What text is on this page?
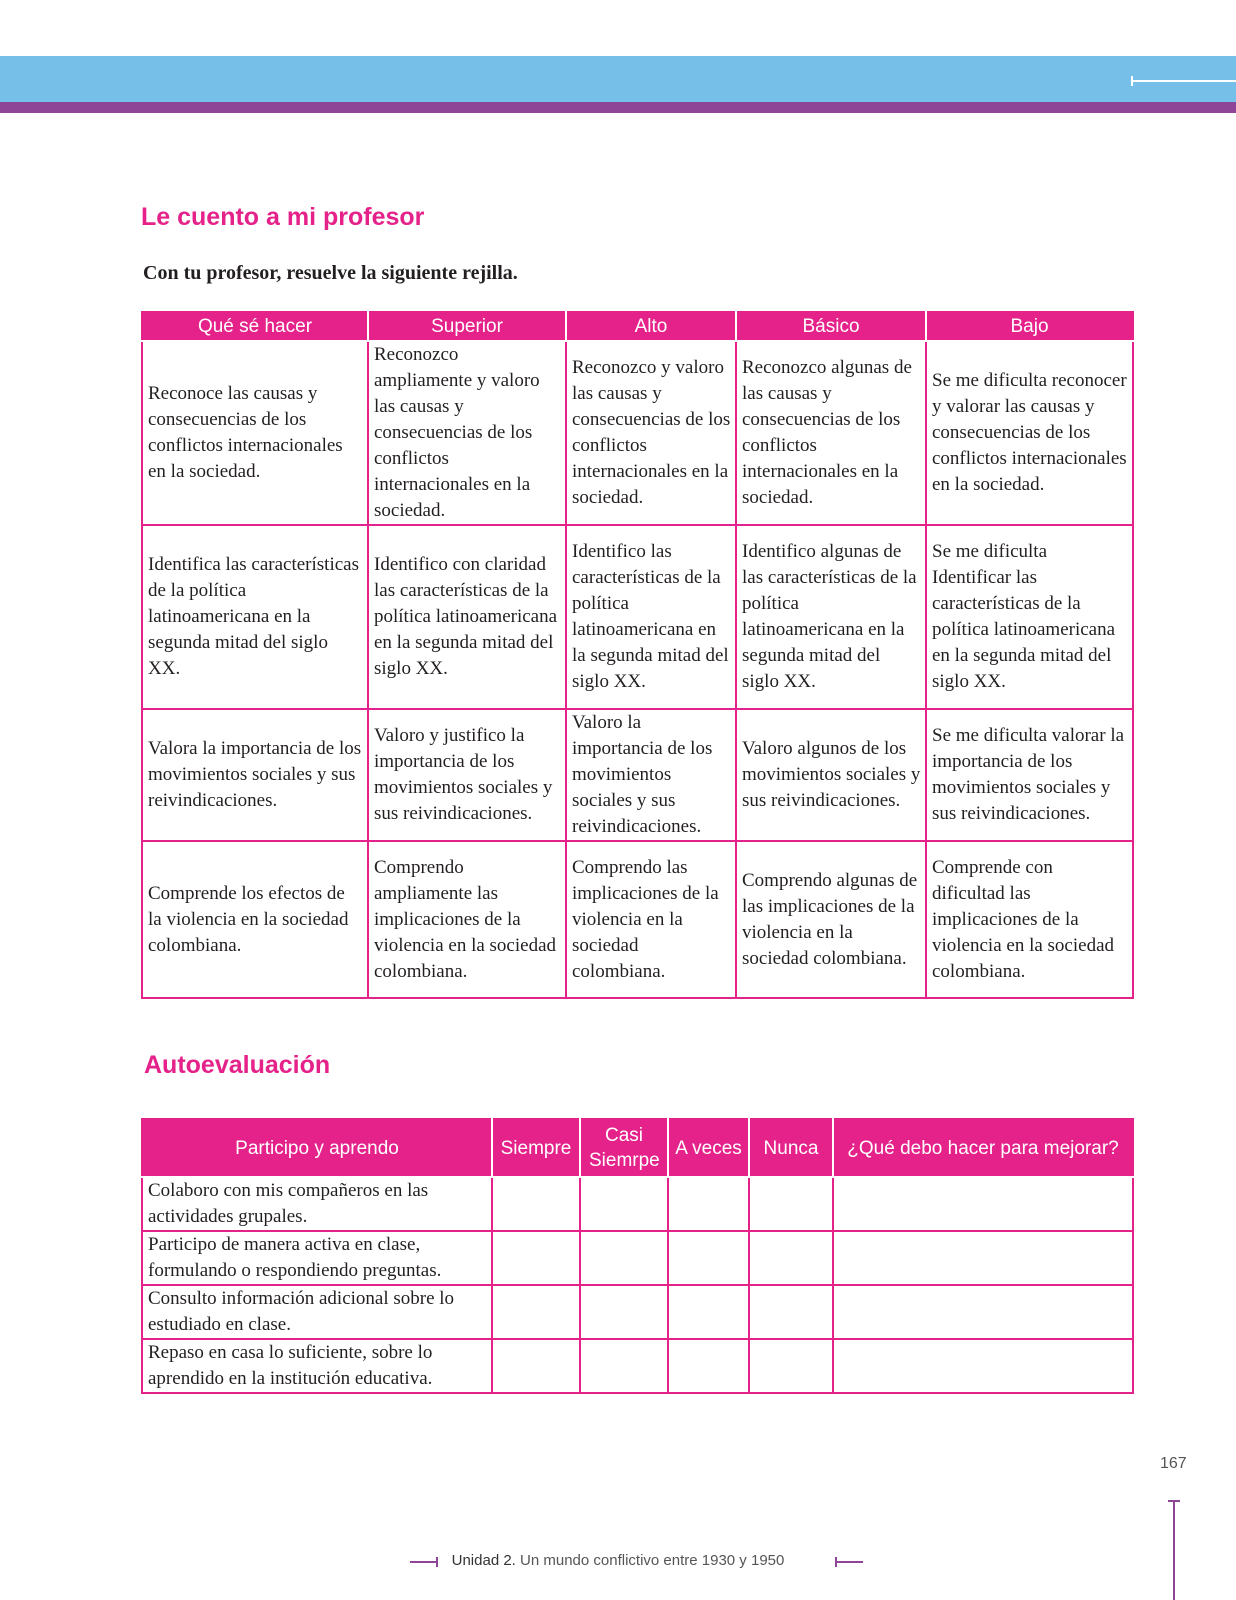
Le cuento a mi profesor

Con tu profesor, resuelve la siguiente rejilla.

Qué sé hacer	Superior	Alto	Básico	Bajo
Reconoce las causas y consecuencias de los conflictos internacionales en la sociedad.	Reconozco ampliamente y valoro las causas y consecuencias de los conflictos internacionales en la sociedad.	Reconozco y valoro las causas y consecuencias de los conflictos internacionales en la sociedad.	Reconozco algunas de las causas y consecuencias de los conflictos internacionales en la sociedad.	Se me dificulta reconocer y valorar las causas y consecuencias de los conflictos internacionales en la sociedad.
Identifica las características de la política latinoamericana en la segunda mitad del siglo XX.	Identifico con claridad las características de la política latinoamericana en la segunda mitad del siglo XX.	Identifico las características de la política latinoamericana en la segunda mitad del siglo XX.	Identifico algunas de las características de la política latinoamericana en la segunda mitad del siglo XX.	Se me dificulta Identificar las características de la política latinoamericana en la segunda mitad del siglo XX.
Valora la importancia de los movimientos sociales y sus reivindicaciones.	Valoro y justifico la importancia de los movimientos sociales y sus reivindicaciones.	Valoro la importancia de los movimientos sociales y sus reivindicaciones.	Valoro algunos de los movimientos sociales y sus reivindicaciones.	Se me dificulta valorar la importancia de los movimientos sociales y sus reivindicaciones.
Comprende los efectos de la violencia en la sociedad colombiana.	Comprendo ampliamente las implicaciones de la violencia en la sociedad colombiana.	Comprendo las implicaciones de la violencia en la sociedad colombiana.	Comprendo algunas de las implicaciones de la violencia en la sociedad colombiana.	Comprende con dificultad las implicaciones de la violencia en la sociedad colombiana.
Autoevaluación
Participo y aprendo	Siempre	Casi Siemrpe	A veces	Nunca	¿Qué debo hacer para mejorar?
Colaboro con mis compañeros en las actividades grupales.					
Participo de manera activa en clase, formulando o respondiendo preguntas.					
Consulto información adicional sobre lo estudiado en clase.					
Repaso en casa lo suficiente, sobre lo aprendido en la institución educativa.					
167
Unidad 2. Un mundo conflictivo entre 1930 y 1950
